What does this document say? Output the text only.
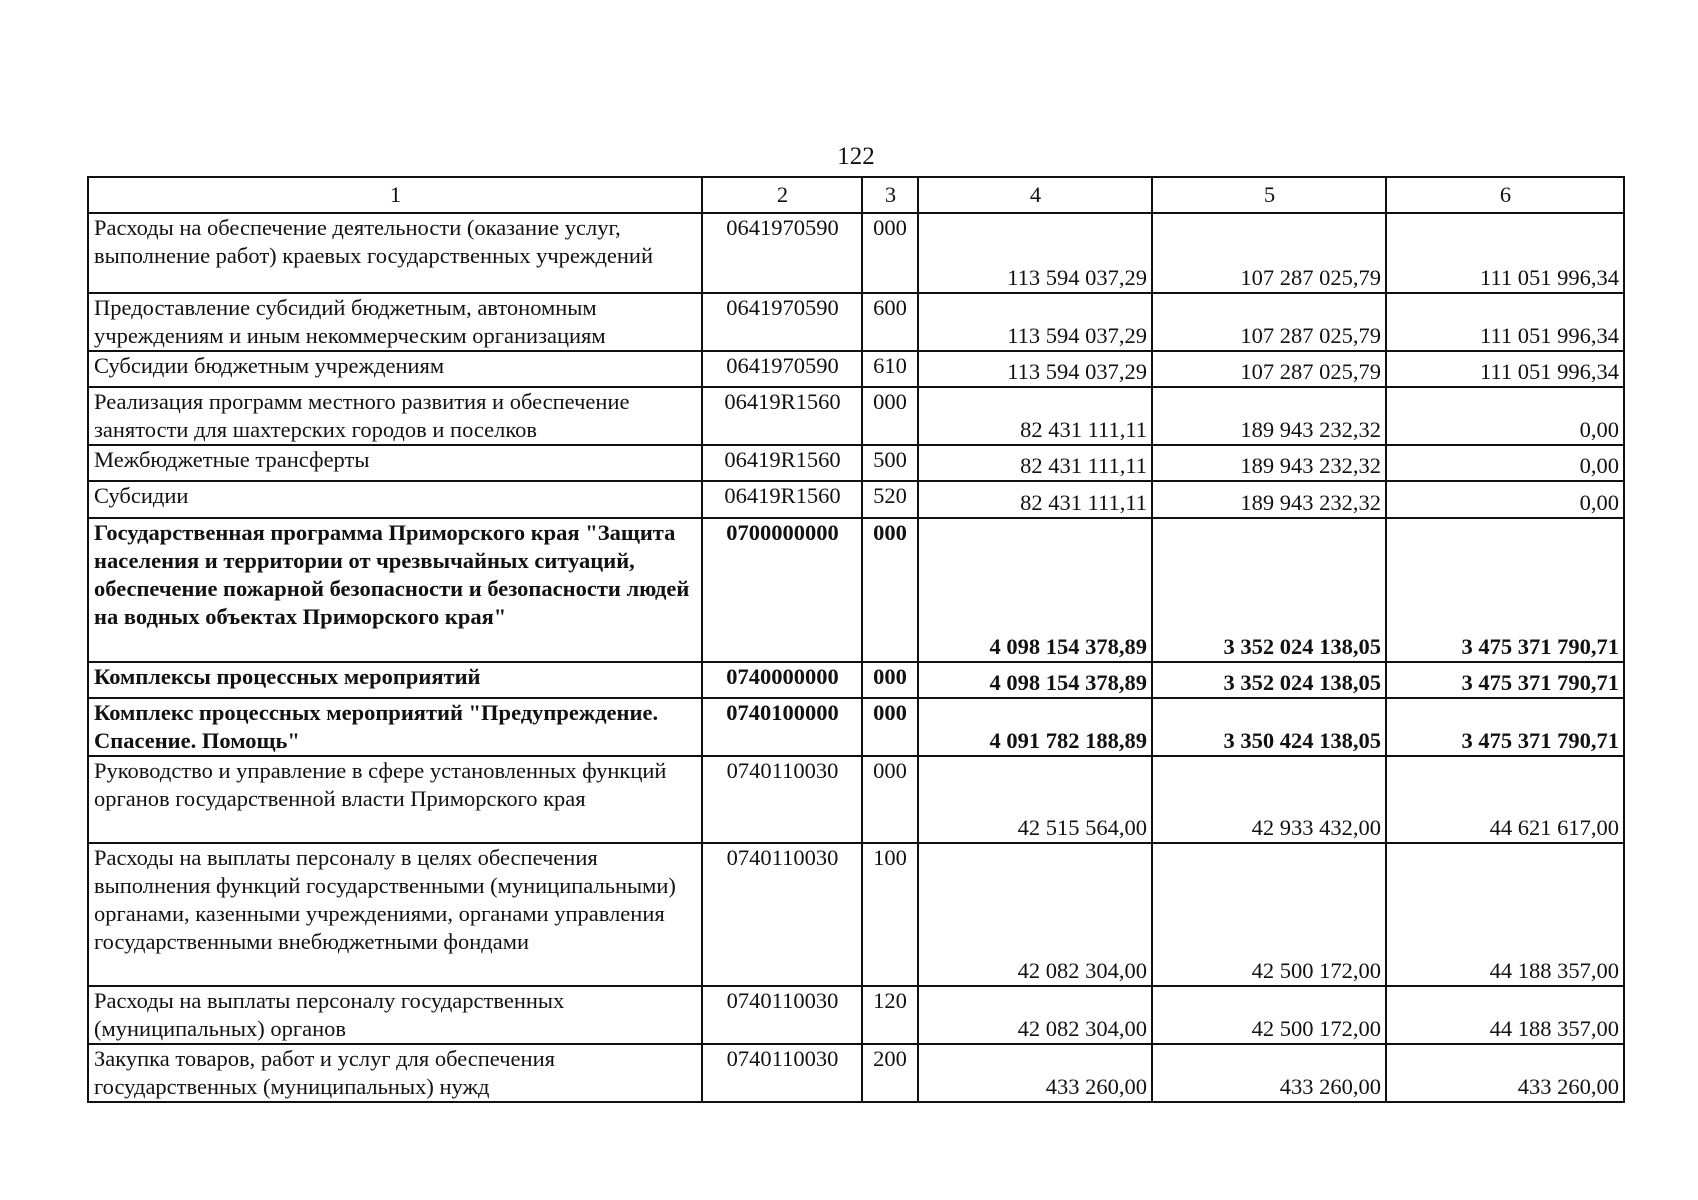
122
1	2	3	4	5	6
Расходы на обеспечение деятельности (оказание услуг, выполнение работ) краевых государственных учреждений	0641970590	000	113 594 037,29	107 287 025,79	111 051 996,34
Предоставление субсидий бюджетным, автономным учреждениям и иным некоммерческим организациям	0641970590	600	113 594 037,29	107 287 025,79	111 051 996,34
Субсидии бюджетным учреждениям	0641970590	610	113 594 037,29	107 287 025,79	111 051 996,34
Реализация программ местного развития и обеспечение занятости для шахтерских городов и поселков	06419R1560	000	82 431 111,11	189 943 232,32	0,00
Межбюджетные трансферты	06419R1560	500	82 431 111,11	189 943 232,32	0,00
Субсидии	06419R1560	520	82 431 111,11	189 943 232,32	0,00
Государственная программа Приморского края "Защита населения и территории от чрезвычайных ситуаций, обеспечение пожарной безопасности и безопасности людей на водных объектах Приморского края"	0700000000	000	4 098 154 378,89	3 352 024 138,05	3 475 371 790,71
Комплексы процессных мероприятий	0740000000	000	4 098 154 378,89	3 352 024 138,05	3 475 371 790,71
Комплекс процессных мероприятий "Предупреждение. Спасение. Помощь"	0740100000	000	4 091 782 188,89	3 350 424 138,05	3 475 371 790,71
Руководство и управление в сфере установленных функций органов государственной власти Приморского края	0740110030	000	42 515 564,00	42 933 432,00	44 621 617,00
Расходы на выплаты персоналу в целях обеспечения выполнения функций государственными (муниципальными) органами, казенными учреждениями, органами управления государственными внебюджетными фондами	0740110030	100	42 082 304,00	42 500 172,00	44 188 357,00
Расходы на выплаты персоналу государственных (муниципальных) органов	0740110030	120	42 082 304,00	42 500 172,00	44 188 357,00
Закупка товаров, работ и услуг для обеспечения государственных (муниципальных) нужд	0740110030	200	433 260,00	433 260,00	433 260,00
